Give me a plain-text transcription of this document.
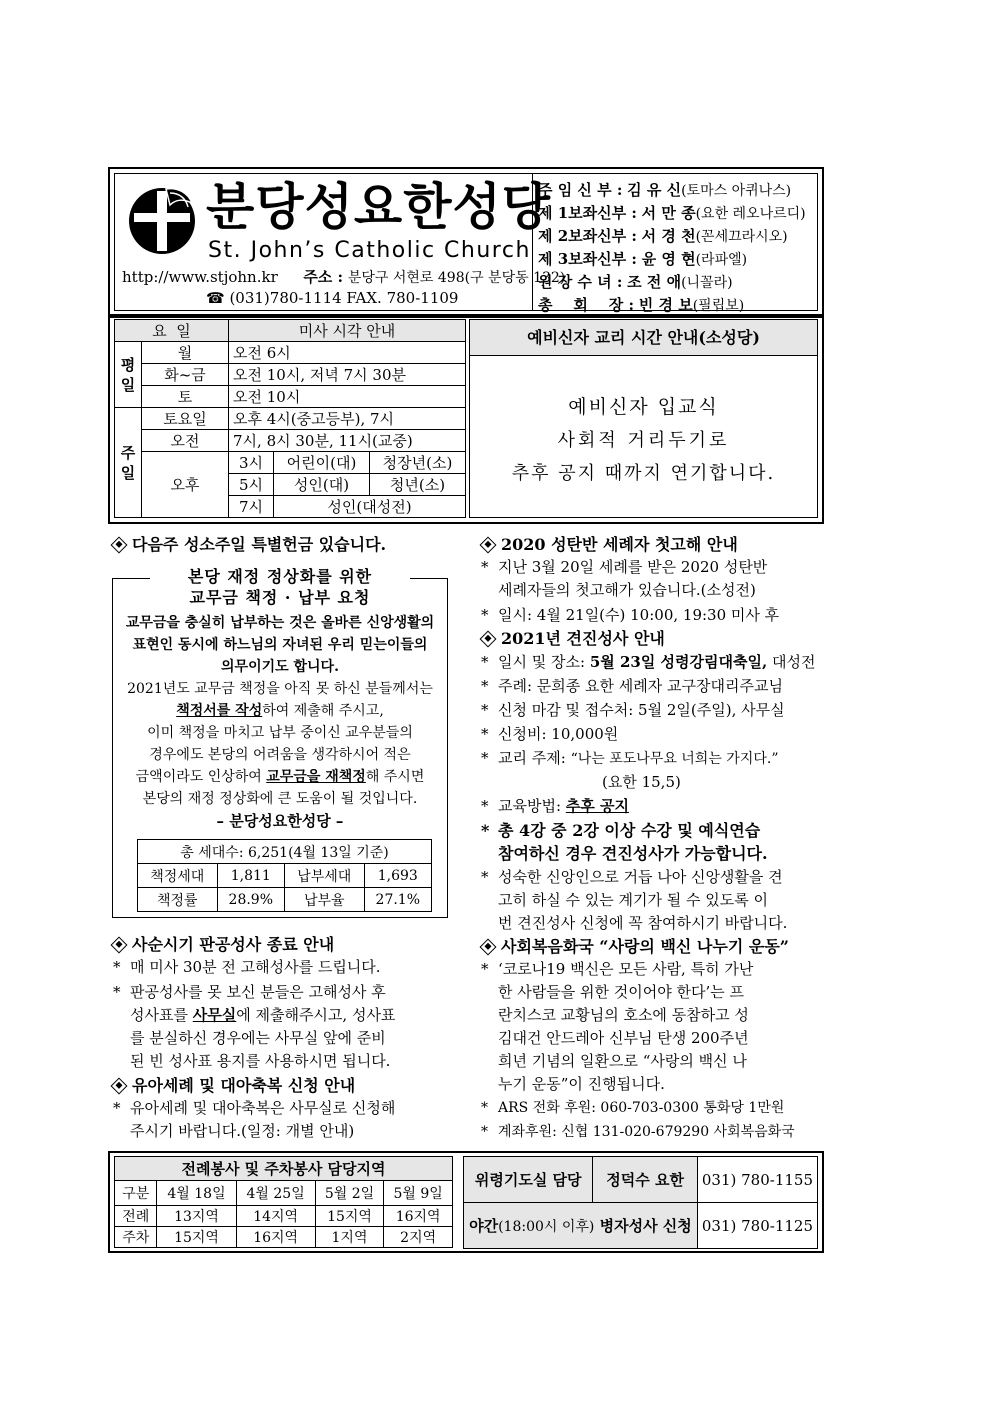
분당성요한성당
St. John’s Catholic Church
http://www.stjohn.kr 주소 : 분당구 서현로 498(구 분당동 132)
☎ (031)780-1114 FAX. 780-1109
주 임 신 부 : 김 유 신(토마스 아퀴나스)
제 1보좌신부 : 서 만 종(요한 레오나르디)
제 2보좌신부 : 서 경 천(꼰세끄라시오)
제 3보좌신부 : 윤 영 현(라파엘)
원 장 수 녀 : 조 전 애(니꼴라)
총    회    장 : 빈 경 보(필립보)
요  일		미사 시각 안내		
평일	월	오전 6시		
	화~금	오전 10시, 저녁 7시 30분		
	토	오전 10시		
주일	토요일	오후 4시(중고등부), 7시		
	오전	7시, 8시 30분, 11시(교중)		
	오후	3시	어린이(대)	청장년(소)
		5시	성인(대)	청년(소)
		7시	성인(대성전)	
예비신자 교리 시간 안내(소성당)
예비신자 입교식
사회적 거리두기로
추후 공지 때까지 연기합니다.
다음주 성소주일 특별헌금 있습니다.
본당 재정 정상화를 위한
교무금 책정 · 납부 요청
교무금을 충실히 납부하는 것은 올바른 신앙생활의
표현인 동시에 하느님의 자녀된 우리 믿는이들의
의무이기도 합니다.
2021년도 교무금 책정을 아직 못 하신 분들께서는
책정서를 작성하여 제출해 주시고,
이미 책정을 마치고 납부 중이신 교우분들의
경우에도 본당의 어려움을 생각하시어 적은
금액이라도 인상하여 교무금을 재책정해 주시면
본당의 재정 정상화에 큰 도움이 될 것입니다.
– 분당성요한성당 –
총 세대수: 6,251(4월 13일 기준)			
책정세대	1,811	납부세대	1,693
책정률	28.9%	납부율	27.1%
사순시기 판공성사 종료 안내
* 매 미사 30분 전 고해성사를 드립니다.
* 판공성사를 못 보신 분들은 고해성사 후
성사표를 사무실에 제출해주시고, 성사표
를 분실하신 경우에는 사무실 앞에 준비
된 빈 성사표 용지를 사용하시면 됩니다.
유아세례 및 대아축복 신청 안내
* 유아세례 및 대아축복은 사무실로 신청해
주시기 바랍니다.(일정: 개별 안내)
2020 성탄반 세례자 첫고해 안내
* 지난 3월 20일 세례를 받은 2020 성탄반
세례자들의 첫고해가 있습니다.(소성전)
* 일시: 4월 21일(수) 10:00, 19:30 미사 후
2021년 견진성사 안내
* 일시 및 장소: 5월 23일 성령강림대축일, 대성전
* 주례: 문희종 요한 세례자 교구장대리주교님
* 신청 마감 및 접수처: 5월 2일(주일), 사무실
* 신청비: 10,000원
* 교리 주제: “나는 포도나무요 너희는 가지다.”
(요한 15,5)
* 교육방법: 추후 공지
* 총 4강 중 2강 이상 수강 및 예식연습
참여하신 경우 견진성사가 가능합니다.
* 성숙한 신앙인으로 거듭 나아 신앙생활을 견
고히 하실 수 있는 계기가 될 수 있도록 이
번 견진성사 신청에 꼭 참여하시기 바랍니다.
사회복음화국 “사랑의 백신 나누기 운동”
* ‘코로나19 백신은 모든 사람, 특히 가난
한 사람들을 위한 것이어야 한다’는 프
란치스코 교황님의 호소에 동참하고 성
김대건 안드레아 신부님 탄생 200주년
희년 기념의 일환으로 “사랑의 백신 나
누기 운동”이 진행됩니다.
* ARS 전화 후원: 060-703-0300 통화당 1만원
* 계좌후원: 신협 131-020-679290 사회복음화국
전례봉사 및 주차봉사 담당지역				
구분	4월 18일	4월 25일	5월 2일	5월 9일
전례	13지역	14지역	15지역	16지역
주차	15지역	16지역	1지역	2지역
위령기도실 담당	정덕수 요한	031) 780-1155
야간(18:00시 이후) 병자성사 신청		031) 780-1125
